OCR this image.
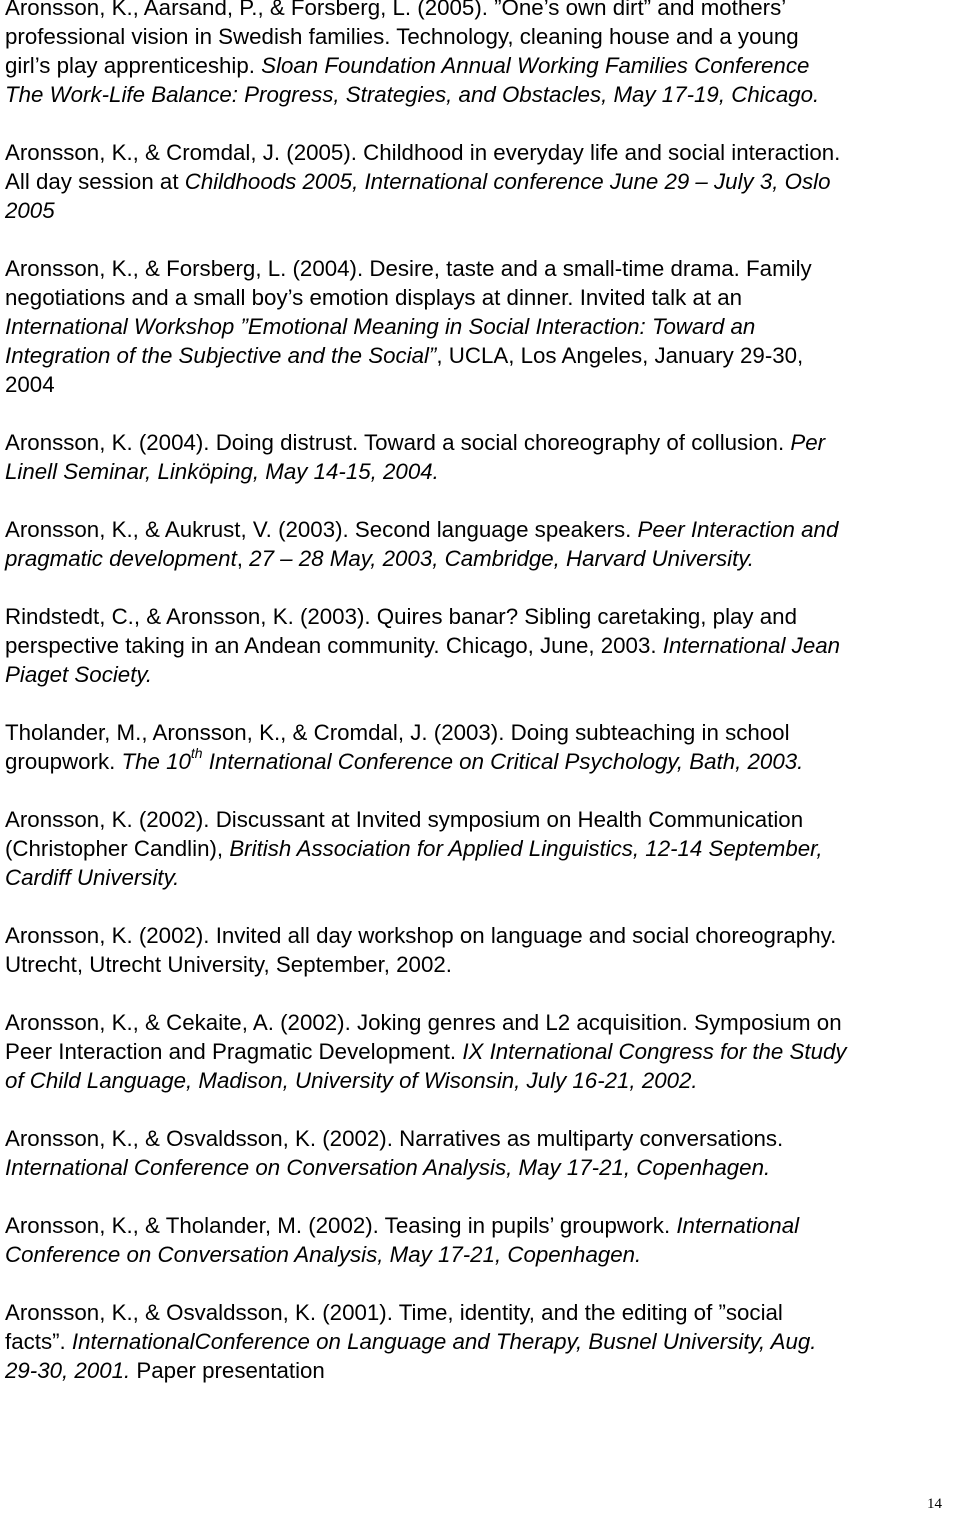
Aronsson, K., Aarsand, P., & Forsberg, L. (2005). ”One’s own dirt” and mothers’
professional vision in Swedish families. Technology, cleaning house and a young
girl’s play apprenticeship. Sloan Foundation Annual Working Families Conference
The Work-Life Balance: Progress, Strategies, and Obstacles, May 17-19, Chicago.
Aronsson, K., & Cromdal, J. (2005). Childhood in everyday life and social interaction.
All day session at Childhoods 2005, International conference June 29 – July 3, Oslo
2005
Aronsson, K., & Forsberg, L. (2004). Desire, taste and a small-time drama. Family
negotiations and a small boy’s emotion displays at dinner. Invited talk at an
International Workshop ”Emotional Meaning in Social Interaction: Toward an
Integration of the Subjective and the Social”, UCLA, Los Angeles, January 29-30,
2004
Aronsson, K. (2004). Doing distrust. Toward a social choreography of collusion. Per
Linell Seminar, Linköping, May 14-15, 2004.
Aronsson, K., & Aukrust, V. (2003). Second language speakers. Peer Interaction and
pragmatic development, 27 – 28 May, 2003, Cambridge, Harvard University.
Rindstedt, C., & Aronsson, K. (2003). Quires banar? Sibling caretaking, play and
perspective taking in an Andean community. Chicago, June, 2003. International Jean
Piaget Society.
Tholander, M., Aronsson, K., & Cromdal, J. (2003). Doing subteaching in school
groupwork. The 10th International Conference on Critical Psychology, Bath, 2003.
Aronsson, K. (2002). Discussant at Invited symposium on Health Communication
(Christopher Candlin), British Association for Applied Linguistics, 12-14 September,
Cardiff University.
Aronsson, K. (2002). Invited all day workshop on language and social choreography.
Utrecht, Utrecht University, September, 2002.
Aronsson, K., & Cekaite, A. (2002). Joking genres and L2 acquisition. Symposium on
Peer Interaction and Pragmatic Development. IX International Congress for the Study
of Child Language, Madison, University of Wisonsin, July 16-21, 2002.
Aronsson, K., & Osvaldsson, K. (2002). Narratives as multiparty conversations.
International Conference on Conversation Analysis, May 17-21, Copenhagen.
Aronsson, K., & Tholander, M. (2002). Teasing in pupils’ groupwork. International
Conference on Conversation Analysis, May 17-21, Copenhagen.
Aronsson, K., & Osvaldsson, K. (2001). Time, identity, and the editing of ”social
facts”. InternationalConference on Language and Therapy, Busnel University, Aug.
29-30, 2001. Paper presentation
14
